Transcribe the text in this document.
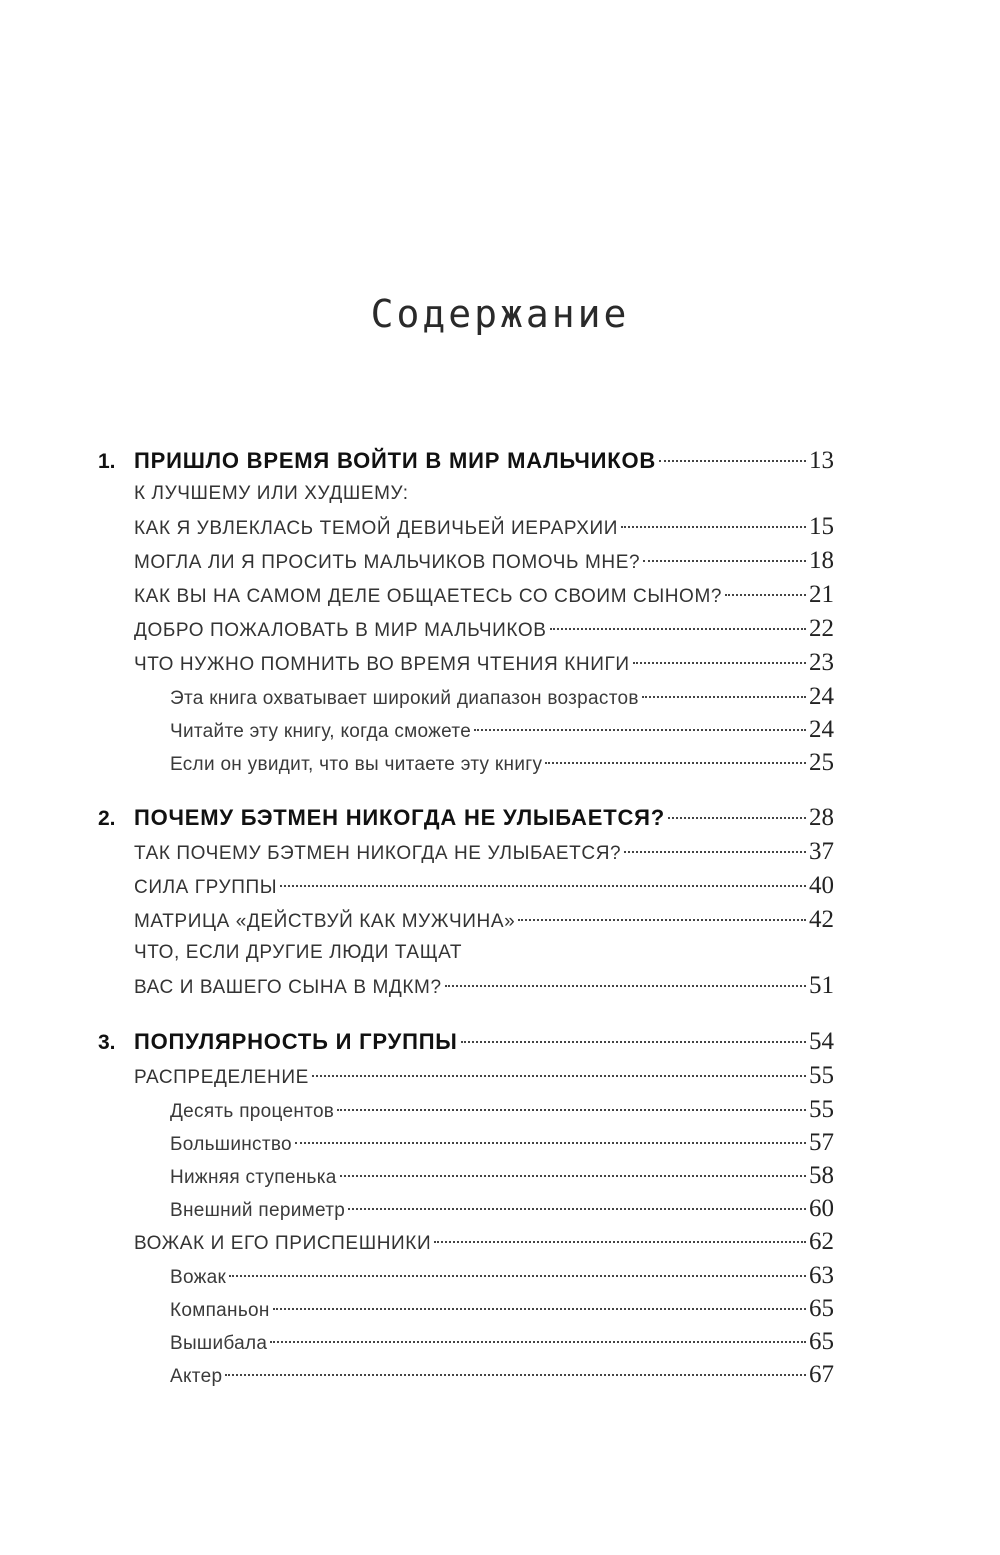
Содержание
1. ПРИШЛО ВРЕМЯ ВОЙТИ В МИР МАЛЬЧИКОВ	13
К ЛУЧШЕМУ ИЛИ ХУДШЕМУ:
КАК Я УВЛЕКЛАСЬ ТЕМОЙ ДЕВИЧЬЕЙ ИЕРАРХИИ	15
МОГЛА ЛИ Я ПРОСИТЬ МАЛЬЧИКОВ ПОМОЧЬ МНЕ?	18
КАК ВЫ НА САМОМ ДЕЛЕ ОБЩАЕТЕСЬ СО СВОИМ СЫНОМ?	21
ДОБРО ПОЖАЛОВАТЬ В МИР МАЛЬЧИКОВ	22
ЧТО НУЖНО ПОМНИТЬ ВО ВРЕМЯ ЧТЕНИЯ КНИГИ	23
Эта книга охватывает широкий диапазон возрастов	24
Читайте эту книгу, когда сможете	24
Если он увидит, что вы читаете эту книгу	25
2. ПОЧЕМУ БЭТМЕН НИКОГДА НЕ УЛЫБАЕТСЯ?	28
ТАК ПОЧЕМУ БЭТМЕН НИКОГДА НЕ УЛЫБАЕТСЯ?	37
СИЛА ГРУППЫ	40
МАТРИЦА «ДЕЙСТВУЙ КАК МУЖЧИНА»	42
ЧТО, ЕСЛИ ДРУГИЕ ЛЮДИ ТАЩАТ
ВАС И ВАШЕГО СЫНА В МДКМ?	51
3. ПОПУЛЯРНОСТЬ И ГРУППЫ	54
РАСПРЕДЕЛЕНИЕ	55
Десять процентов	55
Большинство	57
Нижняя ступенька	58
Внешний периметр	60
ВОЖАК И ЕГО ПРИСПЕШНИКИ	62
Вожак	63
Компаньон	65
Вышибала	65
Актер	67
